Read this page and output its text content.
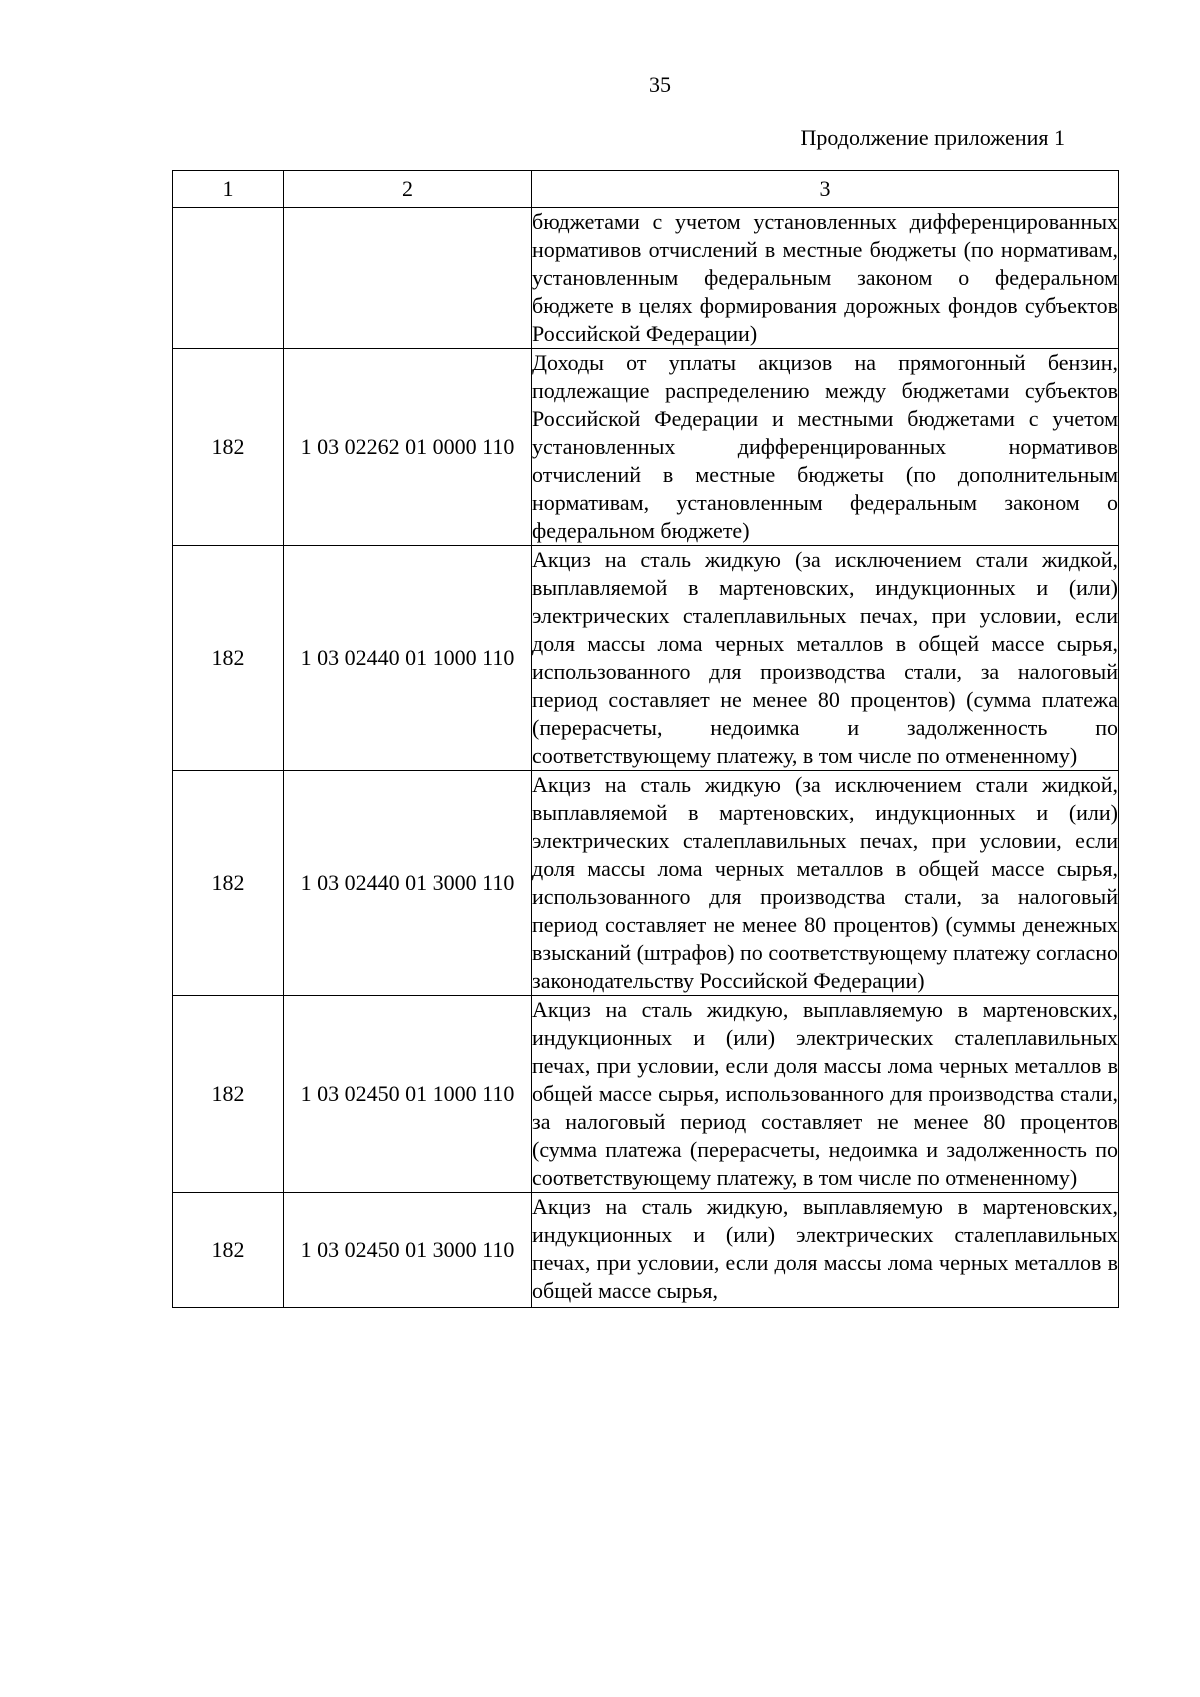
35
Продолжение приложения 1
1	2	3
		бюджетами с учетом установленных дифференцированных нормативов отчислений в местные бюджеты (по нормативам, установленным федеральным законом о федеральном бюджете в целях формирования дорожных фондов субъектов Российской Федерации)
182	1 03 02262 01 0000 110	Доходы от уплаты акцизов на прямогонный бензин, подлежащие распределению между бюджетами субъектов Российской Федерации и местными бюджетами с учетом установленных дифференцированных нормативов отчислений в местные бюджеты (по дополнительным нормативам, установленным федеральным законом о федеральном бюджете)
182	1 03 02440 01 1000 110	Акциз на сталь жидкую (за исключением стали жидкой, выплавляемой в мартеновских, индукционных и (или) электрических сталеплавильных печах, при условии, если доля массы лома черных металлов в общей массе сырья, использованного для производства стали, за налоговый период составляет не менее 80 процентов) (сумма платежа (перерасчеты, недоимка и задолженность по соответствующему платежу, в том числе по отмененному)
182	1 03 02440 01 3000 110	Акциз на сталь жидкую (за исключением стали жидкой, выплавляемой в мартеновских, индукционных и (или) электрических сталеплавильных печах, при условии, если доля массы лома черных металлов в общей массе сырья, использованного для производства стали, за налоговый период составляет не менее 80 процентов) (суммы денежных взысканий (штрафов) по соответствующему платежу согласно законодательству Российской Федерации)
182	1 03 02450 01 1000 110	Акциз на сталь жидкую, выплавляемую в мартеновских, индукционных и (или) электрических сталеплавильных печах, при условии, если доля массы лома черных металлов в общей массе сырья, использованного для производства стали, за налоговый период составляет не менее 80 процентов (сумма платежа (перерасчеты, недоимка и задолженность по соответствующему платежу, в том числе по отмененному)
182	1 03 02450 01 3000 110	Акциз на сталь жидкую, выплавляемую в мартеновских, индукционных и (или) электрических сталеплавильных печах, при условии, если доля массы лома черных металлов в общей массе сырья,
